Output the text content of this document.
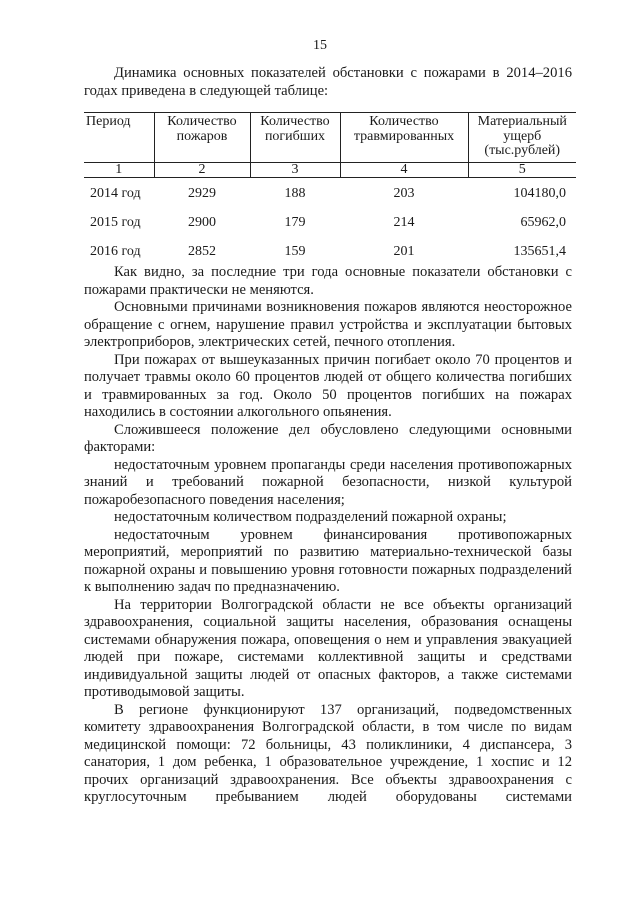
15

Динамика основных показателей обстановки с пожарами в 2014–2016 годах приведена в следующей таблице:

Период	Количество пожаров	Количество погибших	Количество травмированных	Материальный ущерб (тыс.рублей)
1	2	3	4	5
2014 год	2929	188	203	104180,0
2015 год	2900	179	214	65962,0
2016 год	2852	159	201	135651,4

Как видно, за последние три года основные показатели обстановки с пожарами практически не меняются.

Основными причинами возникновения пожаров являются неосторожное обращение с огнем, нарушение правил устройства и эксплуатации бытовых электроприборов, электрических сетей, печного отопления.

При пожарах от вышеуказанных причин погибает около 70 процентов и получает травмы около 60 процентов людей от общего количества погибших и травмированных за год. Около 50 процентов погибших на пожарах находились в состоянии алкогольного опьянения.

Сложившееся положение дел обусловлено следующими основными факторами:

недостаточным уровнем пропаганды среди населения противопожарных знаний и требований пожарной безопасности, низкой культурой пожаробезопасного поведения населения;

недостаточным количеством подразделений пожарной охраны;

недостаточным уровнем финансирования противопожарных мероприятий, мероприятий по развитию материально-технической базы пожарной охраны и повышению уровня готовности пожарных подразделений к выполнению задач по предназначению.

На территории Волгоградской области не все объекты организаций здравоохранения, социальной защиты населения, образования оснащены системами обнаружения пожара, оповещения о нем и управления эвакуацией людей при пожаре, системами коллективной защиты и средствами индивидуальной защиты людей от опасных факторов, а также системами противодымовой защиты.

В регионе функционируют 137 организаций, подведомственных комитету здравоохранения Волгоградской области, в том числе по видам медицинской помощи: 72 больницы, 43 поликлиники, 4 диспансера, 3 санатория, 1 дом ребенка, 1 образовательное учреждение, 1 хоспис и 12 прочих организаций здравоохранения. Все объекты здравоохранения с круглосуточным пребыванием людей оборудованы системами
